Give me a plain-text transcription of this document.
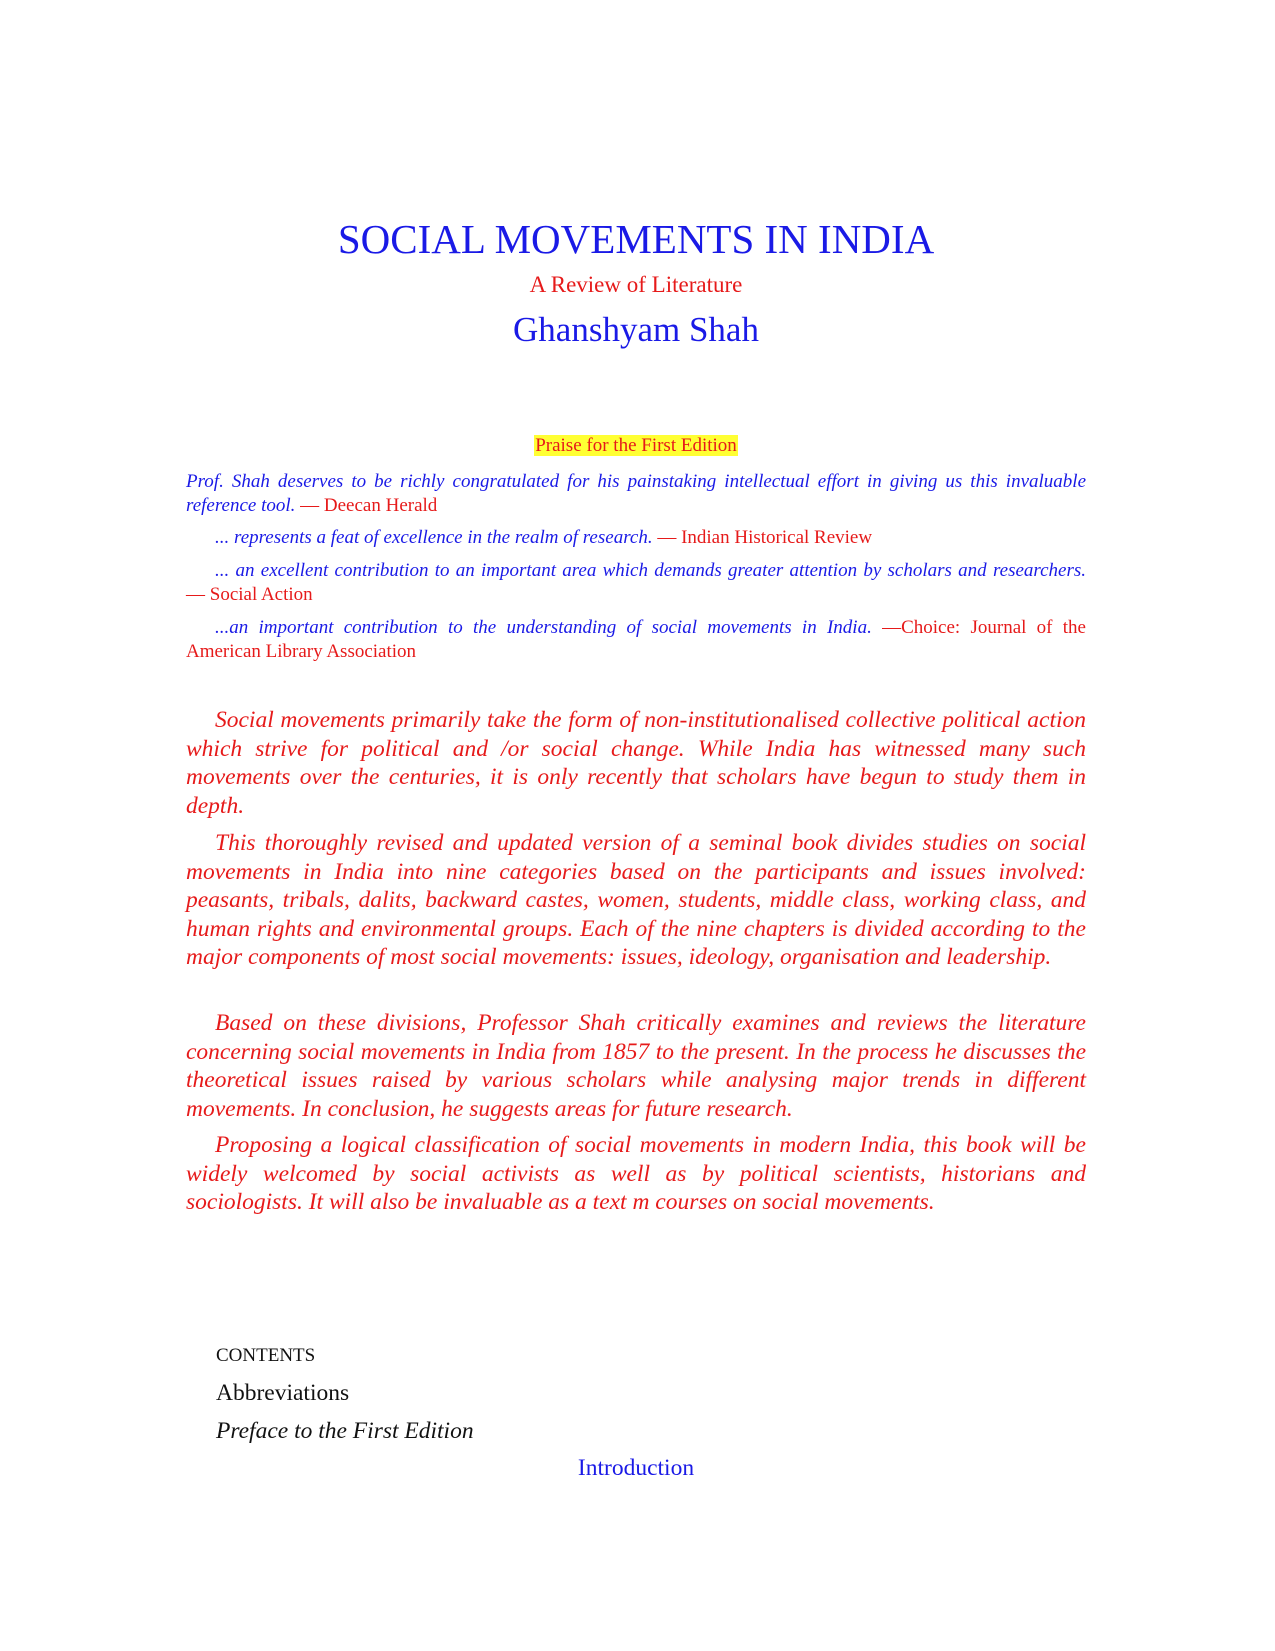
SOCIAL MOVEMENTS IN INDIA
A Review of Literature
Ghanshyam Shah
Praise for the First Edition

Prof. Shah deserves to be richly congratulated for his painstaking intellectual effort in giving us this invaluable reference tool. — Deecan Herald

... represents a feat of excellence in the realm of research. — Indian Historical Review

... an excellent contribution to an important area which demands greater attention by scholars and researchers. — Social Action

...an important contribution to the understanding of social movements in India. —Choice: Journal of the American Library Association

Social movements primarily take the form of non-institutionalised collective political action which strive for political and /or social change. While India has witnessed many such movements over the centuries, it is only recently that scholars have begun to study them in depth.

This thoroughly revised and updated version of a seminal book divides studies on social movements in India into nine categories based on the participants and issues involved: peasants, tribals, dalits, backward castes, women, students, middle class, working class, and human rights and environmental groups. Each of the nine chapters is divided according to the major components of most social movements: issues, ideology, organisation and leadership.

Based on these divisions, Professor Shah critically examines and reviews the literature concerning social movements in India from 1857 to the present. In the process he discusses the theoretical issues raised by various scholars while analysing major trends in different movements. In conclusion, he suggests areas for future research.

Proposing a logical classification of social movements in modern India, this book will be widely welcomed by social activists as well as by political scientists, historians and sociologists. It will also be invaluable as a text m courses on social movements.

CONTENTS
Abbreviations
Preface to the First Edition
Introduction
